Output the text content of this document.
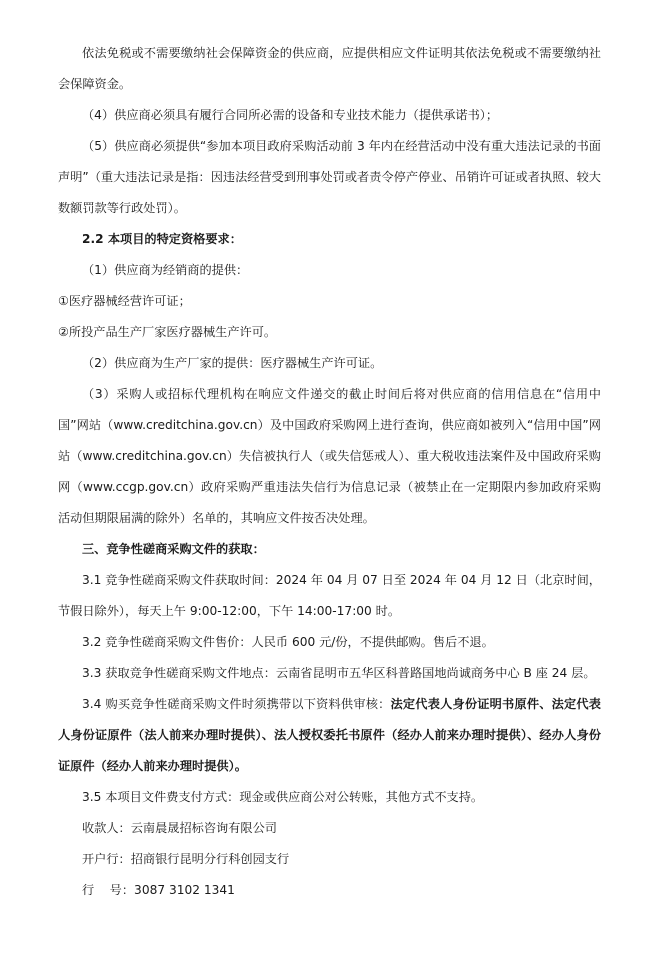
依法免税或不需要缴纳社会保障资金的供应商，应提供相应文件证明其依法免税或不需要缴纳社会保障资金。

（4）供应商必须具有履行合同所必需的设备和专业技术能力（提供承诺书）；

（5）供应商必须提供“参加本项目政府采购活动前 3 年内在经营活动中没有重大违法记录的书面声明”（重大违法记录是指：因违法经营受到刑事处罚或者责令停产停业、吊销许可证或者执照、较大数额罚款等行政处罚）。

2.2 本项目的特定资格要求：

（1）供应商为经销商的提供：

①医疗器械经营许可证；

②所投产品生产厂家医疗器械生产许可。

（2）供应商为生产厂家的提供：医疗器械生产许可证。

（3）采购人或招标代理机构在响应文件递交的截止时间后将对供应商的信用信息在“信用中国”网站（www.creditchina.gov.cn）及中国政府采购网上进行查询，供应商如被列入“信用中国”网站（www.creditchina.gov.cn）失信被执行人（或失信惩戒人）、重大税收违法案件及中国政府采购网（www.ccgp.gov.cn）政府采购严重违法失信行为信息记录（被禁止在一定期限内参加政府采购活动但期限届满的除外）名单的，其响应文件按否决处理。

三、竞争性磋商采购文件的获取：

3.1 竞争性磋商采购文件获取时间：2024 年 04 月 07 日至 2024 年 04 月 12 日（北京时间，节假日除外），每天上午 9:00-12:00，下午 14:00-17:00 时。

3.2 竞争性磋商采购文件售价：人民币 600 元/份，不提供邮购。售后不退。

3.3 获取竞争性磋商采购文件地点：云南省昆明市五华区科普路国地尚诚商务中心 B 座 24 层。

3.4 购买竞争性磋商采购文件时须携带以下资料供审核：法定代表人身份证明书原件、法定代表人身份证原件（法人前来办理时提供）、法人授权委托书原件（经办人前来办理时提供）、经办人身份证原件（经办人前来办理时提供）。

3.5 本项目文件费支付方式：现金或供应商公对公转账，其他方式不支持。

收款人：云南晨晟招标咨询有限公司

开户行：招商银行昆明分行科创园支行

行    号：3087 3102 1341
